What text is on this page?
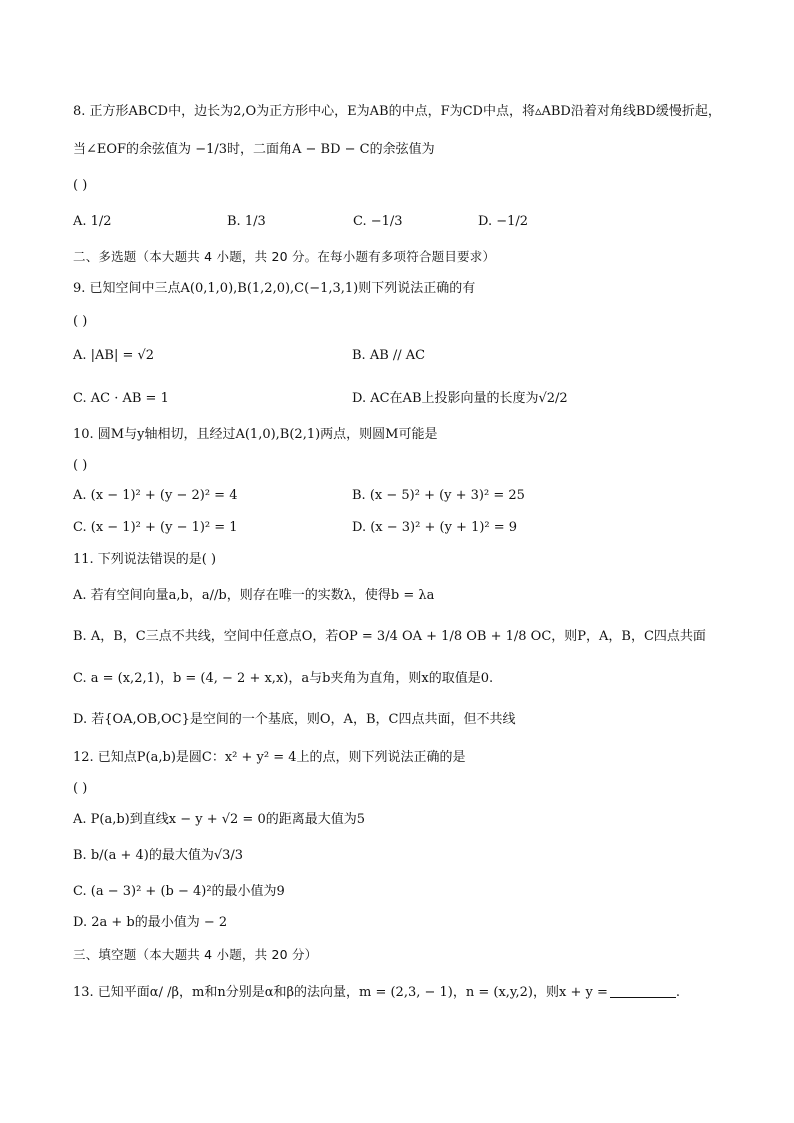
8. 正方形ABCD中，边长为2,O为正方形中心，E为AB的中点，F为CD中点，将▵ABD沿着对角线BD缓慢折起，
当∠EOF的余弦值为 −1/3时，二面角A − BD − C的余弦值为
( )
A. 1/2	B. 1/3	C. −1/3	D. −1/2
二、多选题（本大题共 4 小题，共 20 分。在每小题有多项符合题目要求）
9. 已知空间中三点A(0,1,0),B(1,2,0),C(−1,3,1)则下列说法正确的有
( )
A. |AB| = √2	B. AB // AC
C. AC · AB = 1	D. AC在AB上投影向量的长度为√2/2
10. 圆M与y轴相切，且经过A(1,0),B(2,1)两点，则圆M可能是
( )
A. (x − 1)² + (y − 2)² = 4	B. (x − 5)² + (y + 3)² = 25
C. (x − 1)² + (y − 1)² = 1	D. (x − 3)² + (y + 1)² = 9
11. 下列说法错误的是( )
A. 若有空间向量a,b，a//b，则存在唯一的实数λ，使得b = λa
B. A，B，C三点不共线，空间中任意点O，若OP = 3/4 OA + 1/8 OB + 1/8 OC，则P，A，B，C四点共面
C. a = (x,2,1)，b = (4, − 2 + x,x)，a与b夹角为直角，则x的取值是0.
D. 若{OA,OB,OC}是空间的一个基底，则O，A，B，C四点共面，但不共线
12. 已知点P(a,b)是圆C：x² + y² = 4上的点，则下列说法正确的是
( )
A. P(a,b)到直线x − y + √2 = 0的距离最大值为5
B. b/(a + 4)的最大值为√3/3
C. (a − 3)² + (b − 4)²的最小值为9
D. 2a + b的最小值为 − 2
三、填空题（本大题共 4 小题，共 20 分）
13. 已知平面α/ /β，m和n分别是α和β的法向量，m = (2,3, − 1)，n = (x,y,2)，则x + y =	.
